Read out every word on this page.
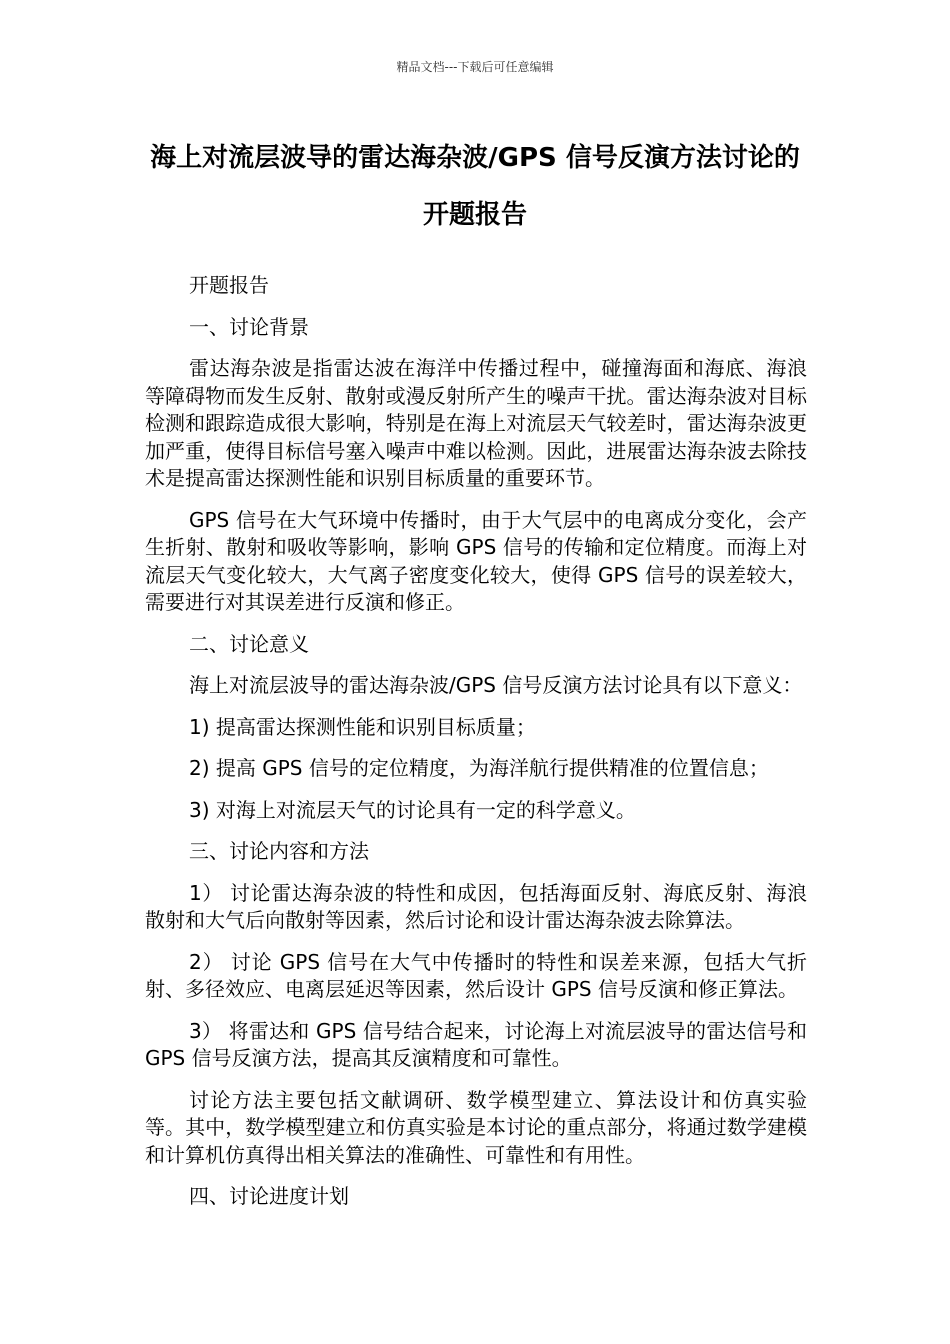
精品文档---下载后可任意编辑
海上对流层波导的雷达海杂波/GPS 信号反演方法讨论的开题报告

开题报告

一、讨论背景

雷达海杂波是指雷达波在海洋中传播过程中，碰撞海面和海底、海浪等障碍物而发生反射、散射或漫反射所产生的噪声干扰。雷达海杂波对目标检测和跟踪造成很大影响，特别是在海上对流层天气较差时，雷达海杂波更加严重，使得目标信号塞入噪声中难以检测。因此，进展雷达海杂波去除技术是提高雷达探测性能和识别目标质量的重要环节。

GPS 信号在大气环境中传播时，由于大气层中的电离成分变化，会产生折射、散射和吸收等影响，影响 GPS 信号的传输和定位精度。而海上对流层天气变化较大，大气离子密度变化较大，使得 GPS 信号的误差较大，需要进行对其误差进行反演和修正。

二、讨论意义

海上对流层波导的雷达海杂波/GPS 信号反演方法讨论具有以下意义：

1) 提高雷达探测性能和识别目标质量；

2) 提高 GPS 信号的定位精度，为海洋航行提供精准的位置信息；

3) 对海上对流层天气的讨论具有一定的科学意义。

三、讨论内容和方法

1） 讨论雷达海杂波的特性和成因，包括海面反射、海底反射、海浪散射和大气后向散射等因素，然后讨论和设计雷达海杂波去除算法。

2） 讨论 GPS 信号在大气中传播时的特性和误差来源，包括大气折射、多径效应、电离层延迟等因素，然后设计 GPS 信号反演和修正算法。

3） 将雷达和 GPS 信号结合起来，讨论海上对流层波导的雷达信号和 GPS 信号反演方法，提高其反演精度和可靠性。

讨论方法主要包括文献调研、数学模型建立、算法设计和仿真实验等。其中，数学模型建立和仿真实验是本讨论的重点部分，将通过数学建模和计算机仿真得出相关算法的准确性、可靠性和有用性。

四、讨论进度计划
